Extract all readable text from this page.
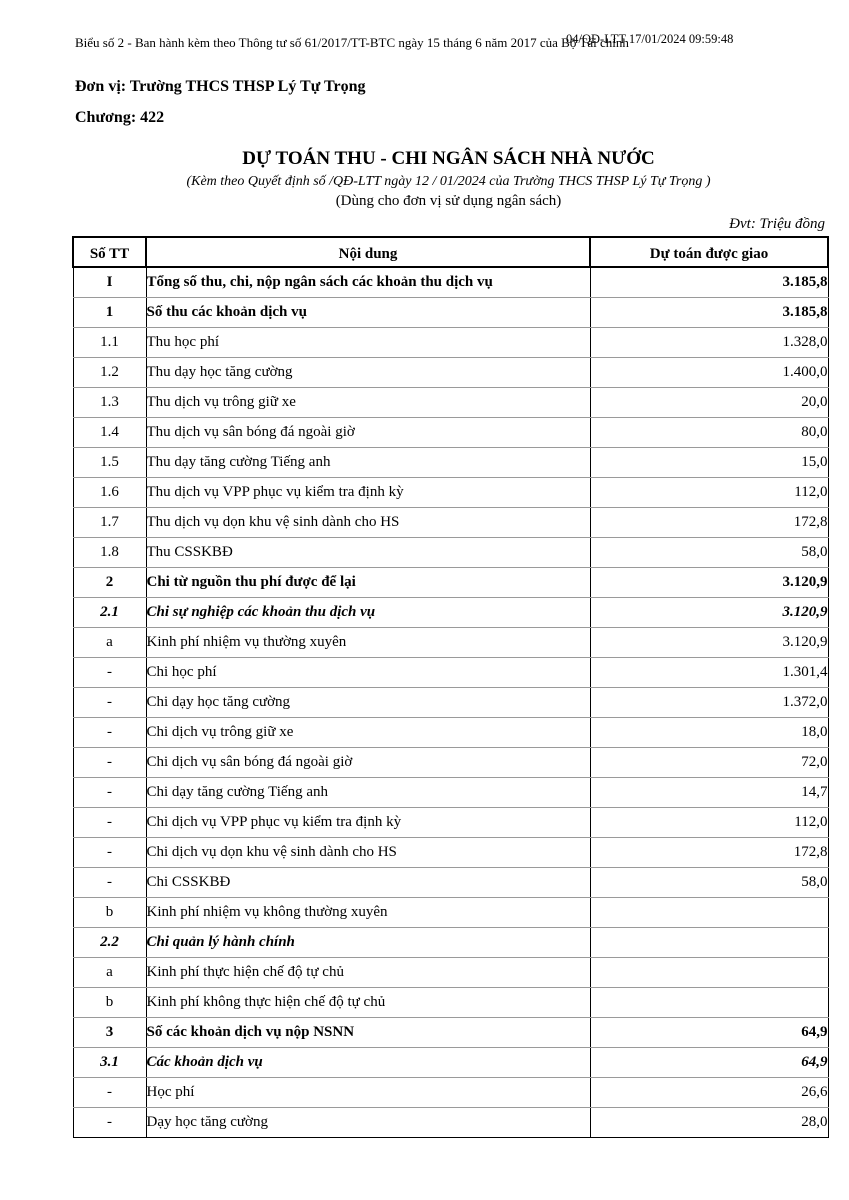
Biểu số 2 - Ban hành kèm theo Thông tư số 61/2017/TT-BTC ngày 15 tháng 6 năm 2017 của Bộ Tài chính
04/QĐ-LTT 17/01/2024 09:59:48
Đơn vị: Trường THCS THSP Lý Tự Trọng
Chương: 422
DỰ TOÁN THU - CHI NGÂN SÁCH NHÀ NƯỚC
(Kèm theo Quyết định số /QĐ-LTT ngày 12 / 01/2024 của Trường THCS THSP Lý Tự Trọng )
(Dùng cho đơn vị sử dụng ngân sách)
Đvt: Triệu đồng
Số TT	Nội dung	Dự toán được giao
I	Tổng số thu, chi, nộp ngân sách các khoản thu dịch vụ	3.185,8
1	Số thu các khoản dịch vụ	3.185,8
1.1	Thu học phí	1.328,0
1.2	Thu dạy học tăng cường	1.400,0
1.3	Thu dịch vụ trông giữ xe	20,0
1.4	Thu dịch vụ sân bóng đá ngoài giờ	80,0
1.5	Thu dạy tăng cường Tiếng anh	15,0
1.6	Thu dịch vụ VPP phục vụ kiểm tra định kỳ	112,0
1.7	Thu dịch vụ dọn khu vệ sinh dành cho HS	172,8
1.8	Thu CSSKBĐ	58,0
2	Chi từ nguồn thu phí được để lại	3.120,9
2.1	Chi sự nghiệp các khoản thu dịch vụ	3.120,9
a	Kinh phí nhiệm vụ thường xuyên	3.120,9
-	Chi học phí	1.301,4
-	Chi dạy học tăng cường	1.372,0
-	Chi dịch vụ trông giữ xe	18,0
-	Chi dịch vụ sân bóng đá ngoài giờ	72,0
-	Chi dạy tăng cường Tiếng anh	14,7
-	Chi dịch vụ VPP phục vụ kiểm tra định kỳ	112,0
-	Chi dịch vụ dọn khu vệ sinh dành cho HS	172,8
-	Chi CSSKBĐ	58,0
b	Kinh phí nhiệm vụ không thường xuyên	
2.2	Chi quản lý hành chính	
a	Kinh phí thực hiện chế độ tự chủ	
b	Kinh phí không thực hiện chế độ tự chủ	
3	Số các khoản dịch vụ nộp NSNN	64,9
3.1	Các khoản dịch vụ	64,9
-	Học phí	26,6
-	Dạy học tăng cường	28,0
